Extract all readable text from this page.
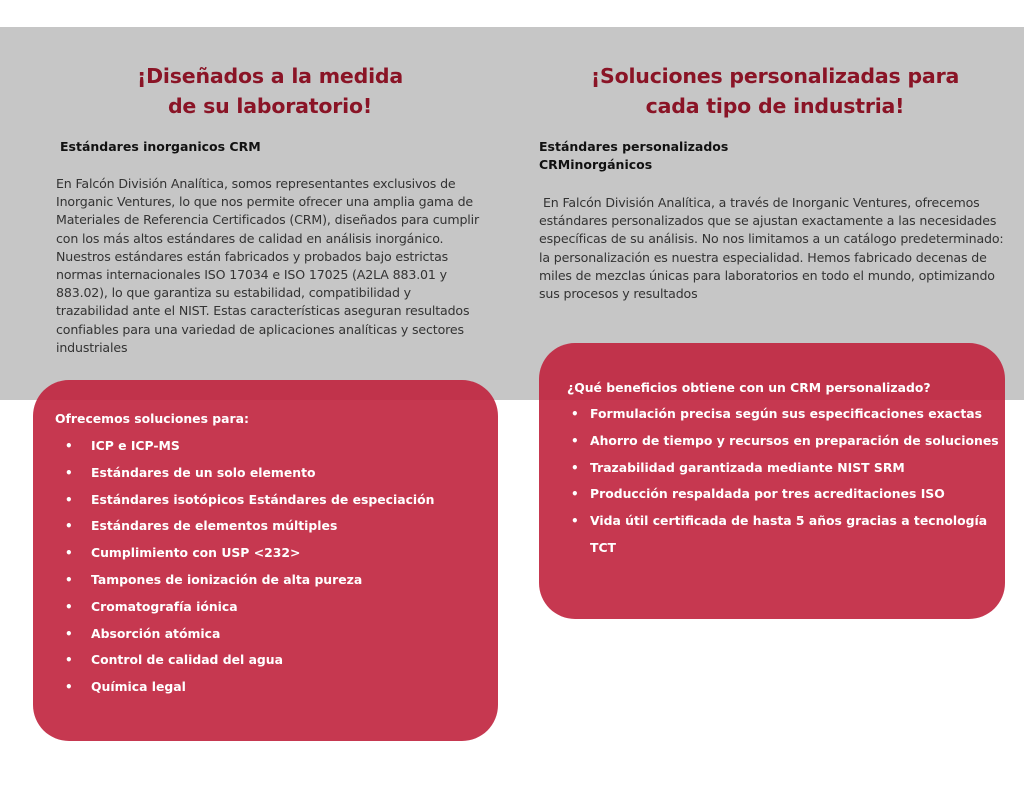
¡Diseñados a la medida
de su laboratorio!
Estándares inorganicos CRM
En Falcón División Analítica, somos representantes exclusivos de Inorganic Ventures, lo que nos permite ofrecer una amplia gama de Materiales de Referencia Certificados (CRM), diseñados para cumplir con los más altos estándares de calidad en análisis inorgánico. Nuestros estándares están fabricados y probados bajo estrictas normas internacionales ISO 17034 e ISO 17025 (A2LA 883.01 y 883.02), lo que garantiza su estabilidad, compatibilidad y trazabilidad ante el NIST. Estas características aseguran resultados confiables para una variedad de aplicaciones analíticas y sectores industriales
Ofrecemos soluciones para:
• ICP e ICP-MS
• Estándares de un solo elemento
• Estándares isotópicos Estándares de especiación
• Estándares de elementos múltiples
• Cumplimiento con USP <232>
• Tampones de ionización de alta pureza
• Cromatografía iónica
• Absorción atómica
• Control de calidad del agua
• Química legal
¡Soluciones personalizadas para
cada tipo de industria!
Estándares personalizados
CRMinorgánicos
En Falcón División Analítica, a través de Inorganic Ventures, ofrecemos estándares personalizados que se ajustan exactamente a las necesidades específicas de su análisis. No nos limitamos a un catálogo predeterminado: la personalización es nuestra especialidad. Hemos fabricado decenas de miles de mezclas únicas para laboratorios en todo el mundo, optimizando sus procesos y resultados
¿Qué beneficios obtiene con un CRM personalizado?
• Formulación precisa según sus especificaciones exactas
• Ahorro de tiempo y recursos en preparación de soluciones
• Trazabilidad garantizada mediante NIST SRM
• Producción respaldada por tres acreditaciones ISO
• Vida útil certificada de hasta 5 años gracias a tecnología TCT
